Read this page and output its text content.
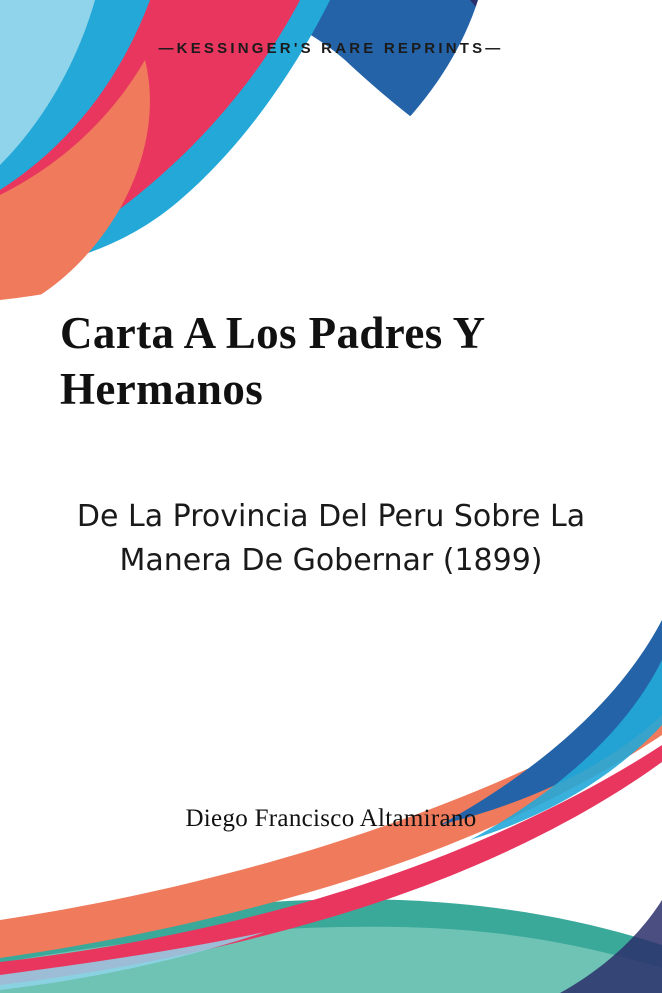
—KESSINGER'S RARE REPRINTS—
Carta A Los Padres Y Hermanos

De La Provincia Del Peru Sobre La Manera De Gobernar (1899)

Diego Francisco Altamirano
